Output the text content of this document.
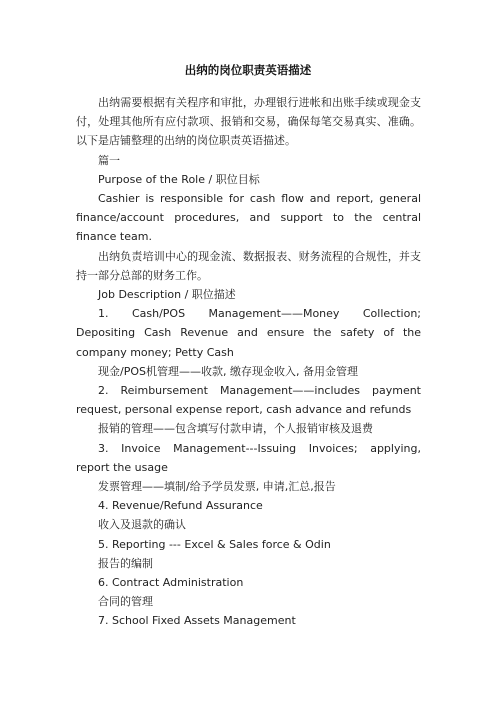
出纳的岗位职责英语描述

出纳需要根据有关程序和审批，办理银行进帐和出账手续或现金支付，处理其他所有应付款项、报销和交易，确保每笔交易真实、准确。以下是店铺整理的出纳的岗位职责英语描述。

篇一

Purpose of the Role / 职位目标

Cashier is responsible for cash flow and report, general finance/account procedures, and support to the central finance team.

出纳负责培训中心的现金流、数据报表、财务流程的合规性，并支持一部分总部的财务工作。

Job Description / 职位描述

1. Cash/POS Management——Money Collection; Depositing Cash Revenue and ensure the safety of the company money; Petty Cash

现金/POS机管理——收款, 缴存现金收入, 备用金管理

2. Reimbursement Management——includes payment request, personal expense report, cash advance and refunds

报销的管理——包含填写付款申请，个人报销审核及退费

3. Invoice Management---Issuing Invoices; applying, report the usage

发票管理——填制/给予学员发票, 申请,汇总,报告

4. Revenue/Refund Assurance

收入及退款的确认

5. Reporting --- Excel & Sales force & Odin

报告的编制

6. Contract Administration

合同的管理

7. School Fixed Assets Management
